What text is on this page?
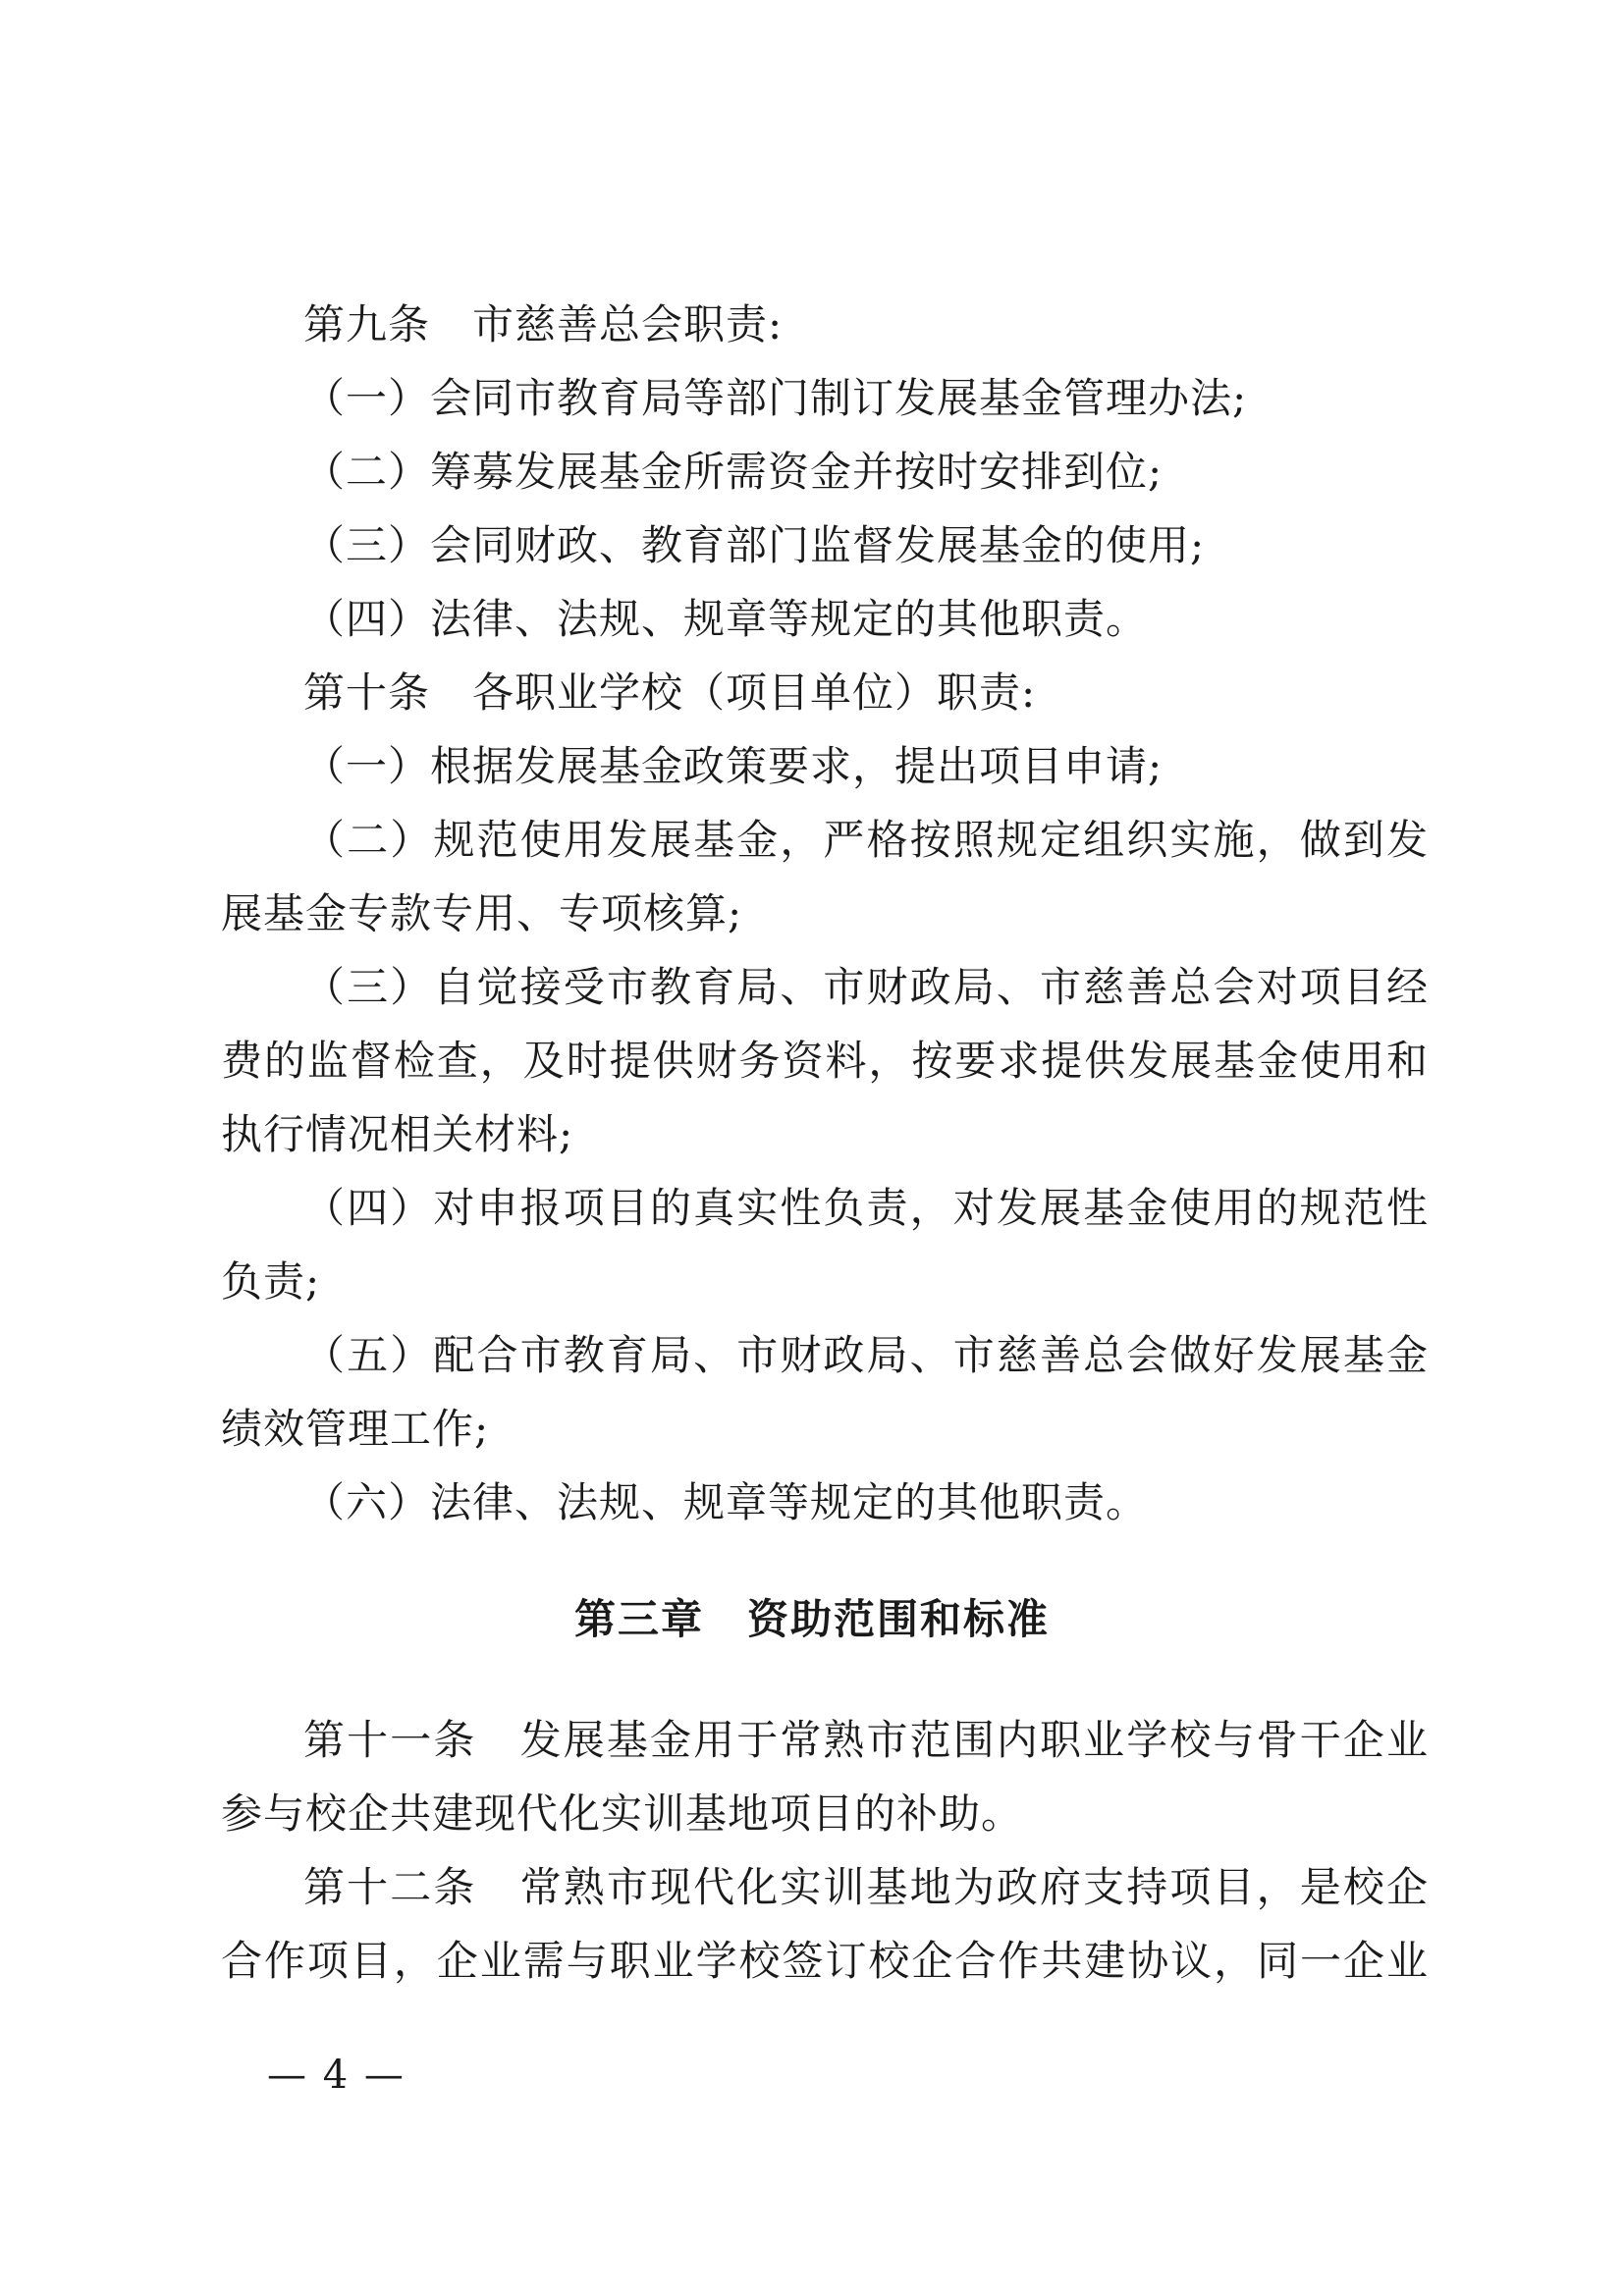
第九条　市慈善总会职责:
（一）会同市教育局等部门制订发展基金管理办法;
（二）筹募发展基金所需资金并按时安排到位;
（三）会同财政、教育部门监督发展基金的使用;
（四）法律、法规、规章等规定的其他职责。
第十条　各职业学校（项目单位）职责:
（一）根据发展基金政策要求，提出项目申请;
（二）规范使用发展基金，严格按照规定组织实施，做到发
展基金专款专用、专项核算;
（三）自觉接受市教育局、市财政局、市慈善总会对项目经
费的监督检查，及时提供财务资料，按要求提供发展基金使用和
执行情况相关材料;
（四）对申报项目的真实性负责，对发展基金使用的规范性
负责;
（五）配合市教育局、市财政局、市慈善总会做好发展基金
绩效管理工作;
（六）法律、法规、规章等规定的其他职责。
第三章　资助范围和标准
第十一条　发展基金用于常熟市范围内职业学校与骨干企业
参与校企共建现代化实训基地项目的补助。
第十二条　常熟市现代化实训基地为政府支持项目，是校企
合作项目，企业需与职业学校签订校企合作共建协议，同一企业
— 4 —
